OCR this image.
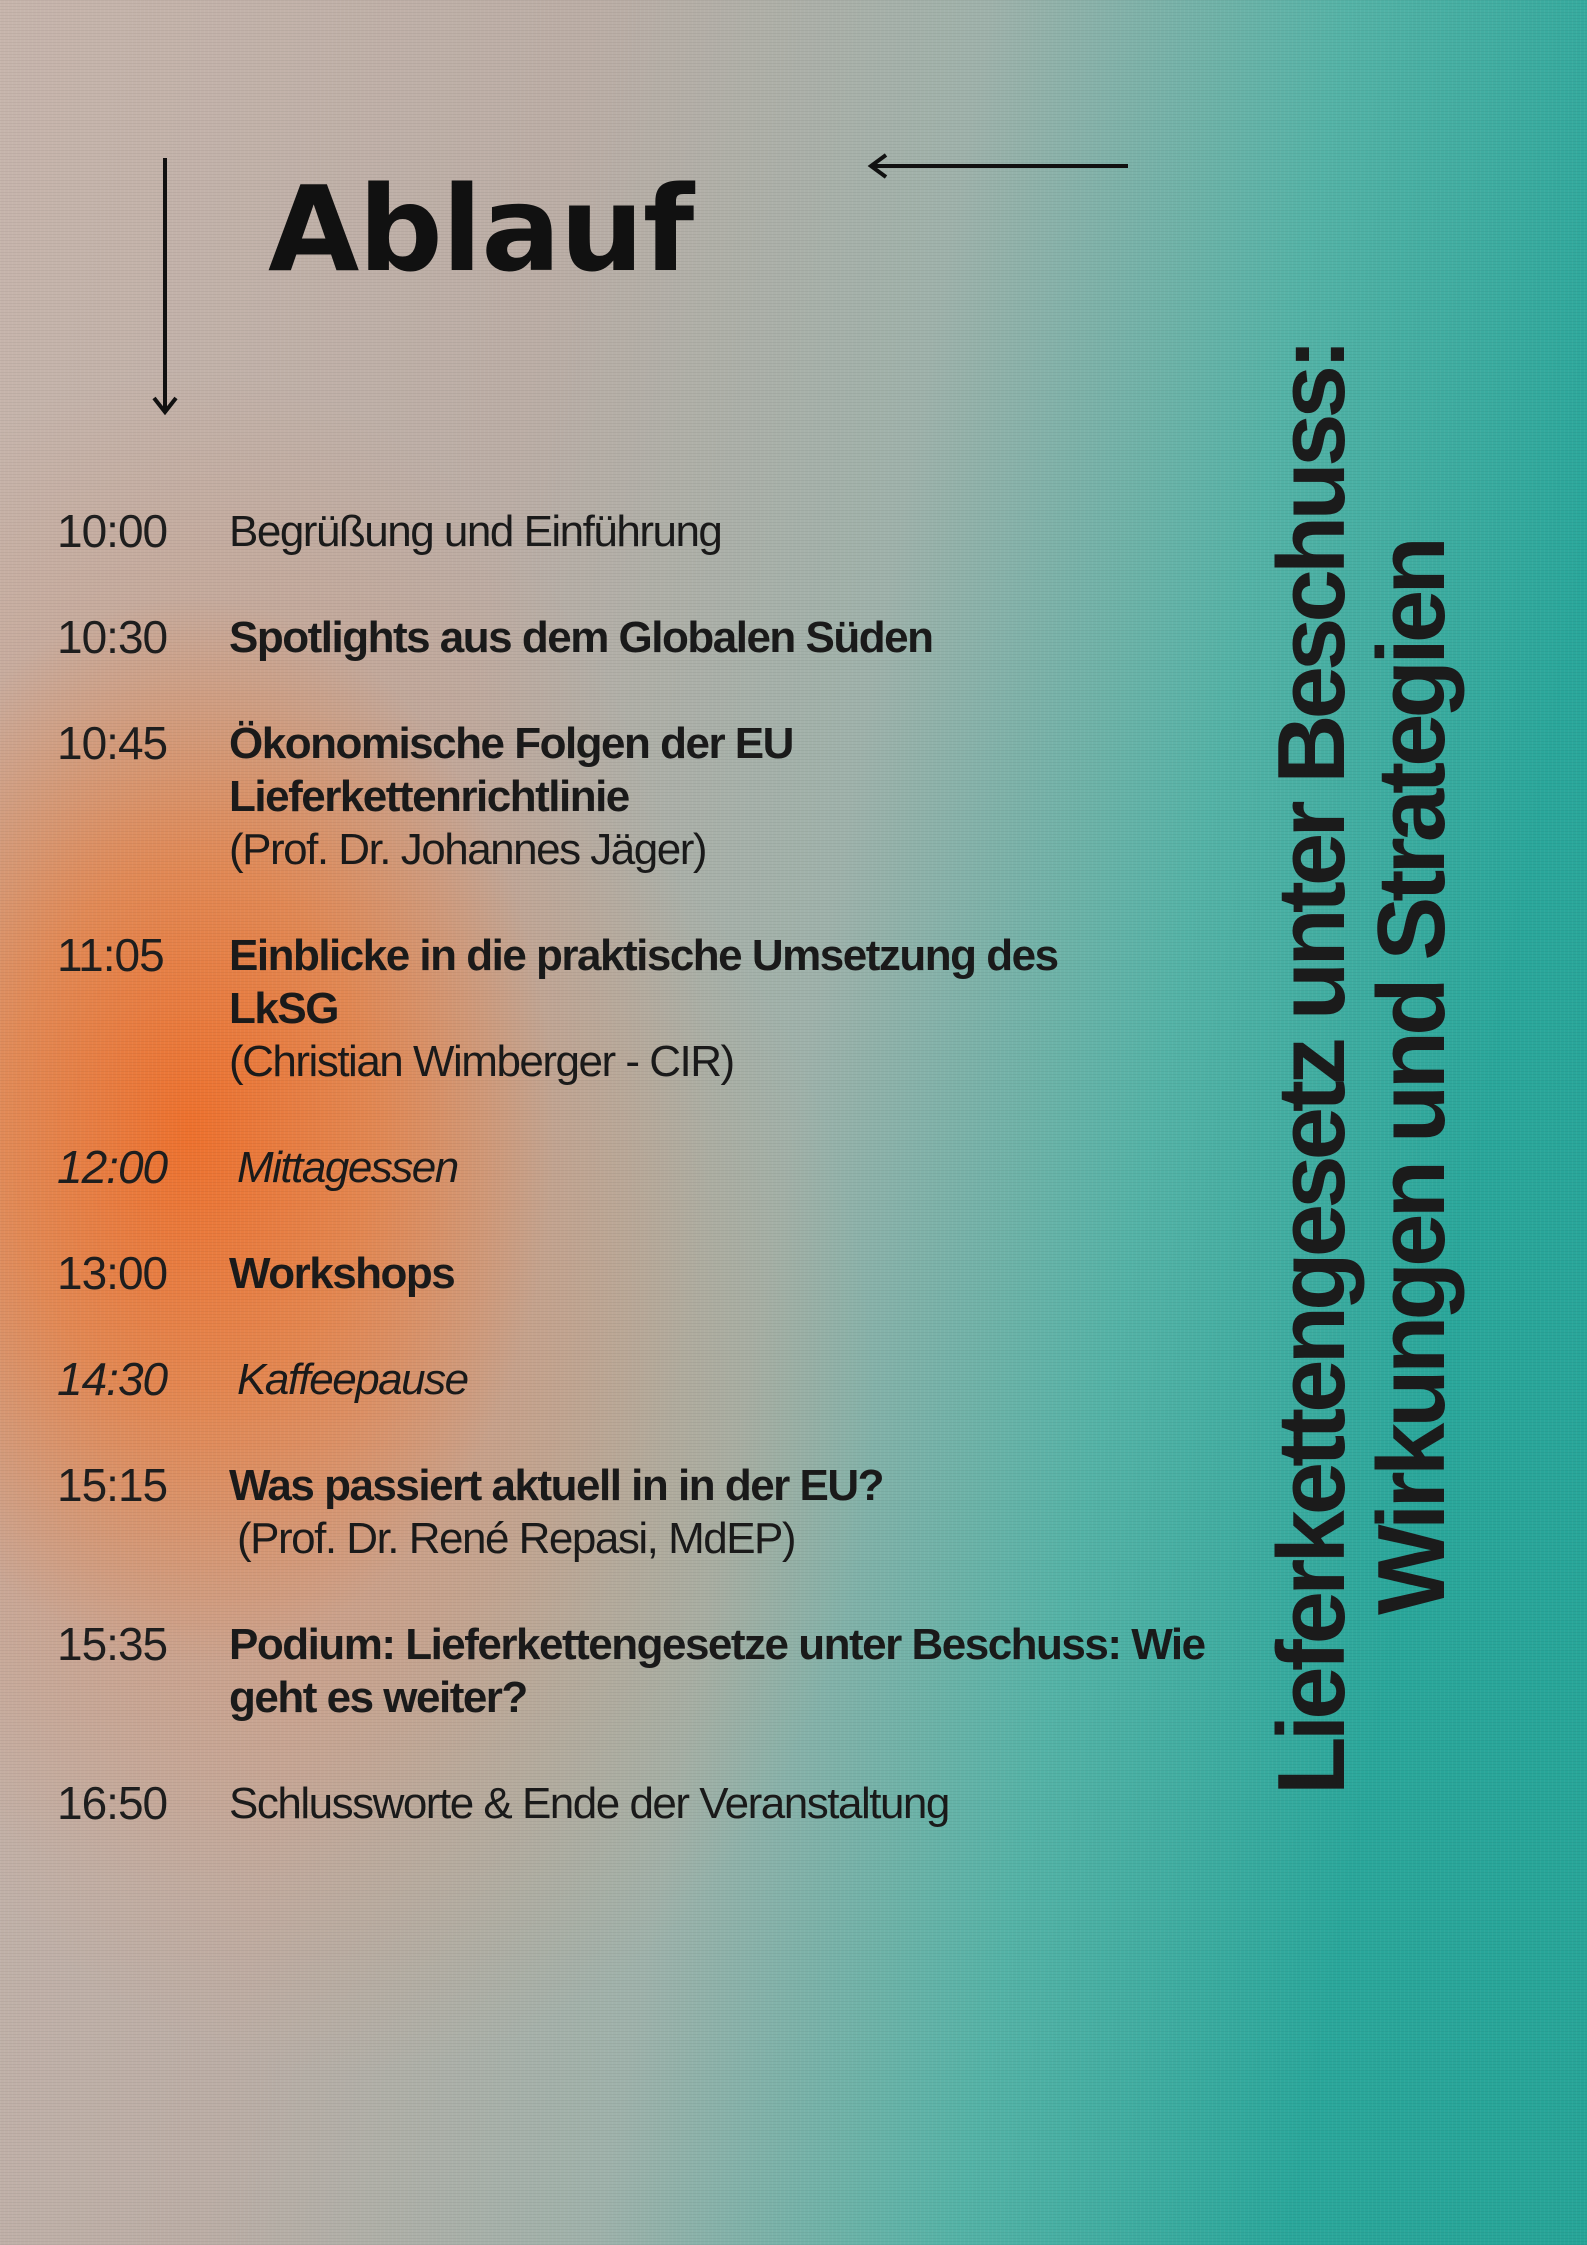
Ablauf
10:00	Begrüßung und Einführung
10:30	Spotlights aus dem Globalen Süden
10:45	Ökonomische Folgen der EU Lieferkettenrichtlinie
(Prof. Dr. Johannes Jäger)
11:05	Einblicke in die praktische Umsetzung des LkSG
(Christian Wimberger - CIR)
12:00	Mittagessen
13:00	Workshops
14:30	Kaffeepause
15:15	Was passiert aktuell in in der EU?
(Prof. Dr. René Repasi, MdEP)
15:35	Podium: Lieferkettengesetze unter Beschuss: Wie geht es weiter?
16:50	Schlussworte & Ende der Veranstaltung
Lieferkettengesetz unter Beschuss:
Wirkungen und Strategien
